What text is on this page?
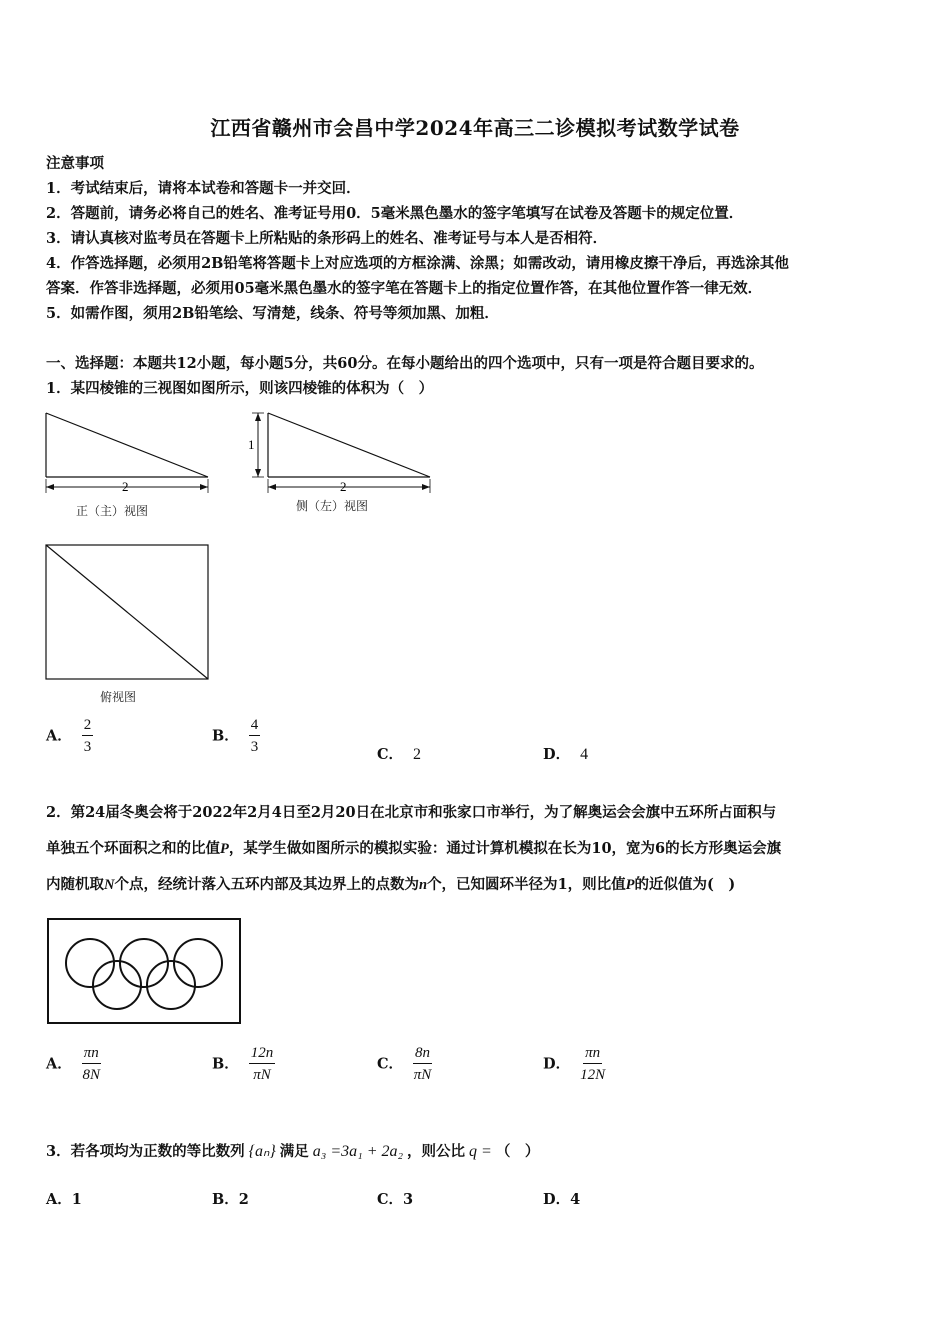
江西省赣州市会昌中学2024年高三二诊模拟考试数学试卷
注意事项
1．考试结束后，请将本试卷和答题卡一并交回．
2．答题前，请务必将自己的姓名、准考证号用0．5毫米黑色墨水的签字笔填写在试卷及答题卡的规定位置．
3．请认真核对监考员在答题卡上所粘贴的条形码上的姓名、准考证号与本人是否相符．
4．作答选择题，必须用2B铅笔将答题卡上对应选项的方框涂满、涂黑；如需改动，请用橡皮擦干净后，再选涂其他
答案．作答非选择题，必须用05毫米黑色墨水的签字笔在答题卡上的指定位置作答，在其他位置作答一律无效．
5．如需作图，须用2B铅笔绘、写清楚，线条、符号等须加黑、加粗．
一、选择题：本题共12小题，每小题5分，共60分。在每小题给出的四个选项中，只有一项是符合题目要求的。
1．某四棱锥的三视图如图所示，则该四棱锥的体积为（　）
2
正（主）视图
1
2
侧（左）视图
俯视图
A． $\frac{2}{3}$	B． $\frac{4}{3}$	C． 2	D． 4
2．第24届冬奥会将于2022年2月4日至2月20日在北京市和张家口市举行，为了解奥运会会旗中五环所占面积与
单独五个环面积之和的比值P，某学生做如图所示的模拟实验：通过计算机模拟在长为10，宽为6的长方形奥运会旗
内随机取N个点，经统计落入五环内部及其边界上的点数为n个，已知圆环半径为1，则比值P的近似值为(　)
A． $\frac{\pi n}{8N}$	B． $\frac{12n}{\pi N}$	C． $\frac{8n}{\pi N}$	D． $\frac{\pi n}{12N}$
3．若各项均为正数的等比数列 {aₙ} 满足 a₃ =3a₁ + 2a₂ ，则公比 q = （　）
A．1	B．2	C．3	D．4
